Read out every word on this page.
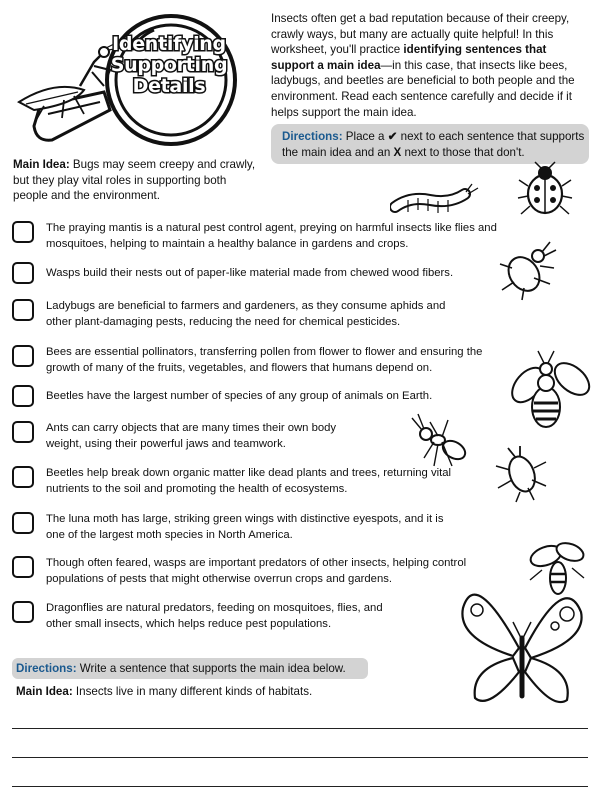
Identifying
Supporting
Details
Insects often get a bad reputation because of their creepy, crawly ways, but many are actually quite helpful! In this worksheet, you'll practice identifying sentences that support a main idea—in this case, that insects like bees, ladybugs, and beetles are beneficial to both people and the environment. Read each sentence carefully and decide if it helps support the main idea.
Directions: Place a ✔ next to each sentence that supports the main idea and an X next to those that don't.
Main Idea: Bugs may seem creepy and crawly, but they play vital roles in supporting both people and the environment.
The praying mantis is a natural pest control agent, preying on harmful insects like flies and mosquitoes, helping to maintain a healthy balance in gardens and crops.
Wasps build their nests out of paper-like material made from chewed wood fibers.
Ladybugs are beneficial to farmers and gardeners, as they consume aphids and other plant-damaging pests, reducing the need for chemical pesticides.
Bees are essential pollinators, transferring pollen from flower to flower and ensuring the growth of many of the fruits, vegetables, and flowers that humans depend on.
Beetles have the largest number of species of any group of animals on Earth.
Ants can carry objects that are many times their own body weight, using their powerful jaws and teamwork.
Beetles help break down organic matter like dead plants and trees, returning vital nutrients to the soil and promoting the health of ecosystems.
The luna moth has large, striking green wings with distinctive eyespots, and it is one of the largest moth species in North America.
Though often feared, wasps are important predators of other insects, helping control populations of pests that might otherwise overrun crops and gardens.
Dragonflies are natural predators, feeding on mosquitoes, flies, and other small insects, which helps reduce pest populations.
Directions: Write a sentence that supports the main idea below.
Main Idea: Insects live in many different kinds of habitats.
